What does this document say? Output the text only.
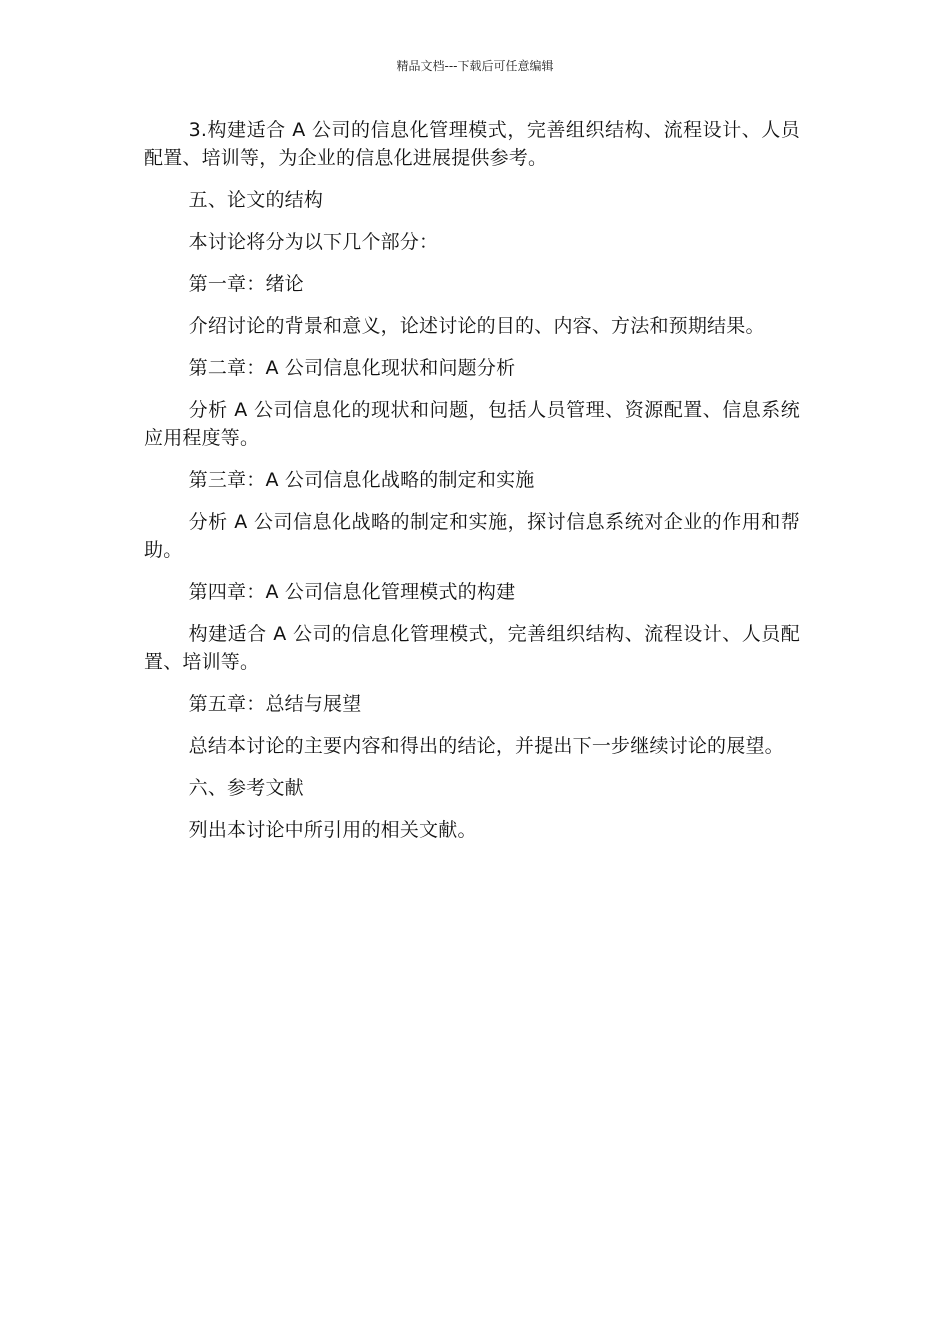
精品文档---下载后可任意编辑

3.构建适合 A 公司的信息化管理模式，完善组织结构、流程设计、人员配置、培训等，为企业的信息化进展提供参考。

五、论文的结构

本讨论将分为以下几个部分：

第一章：绪论

介绍讨论的背景和意义，论述讨论的目的、内容、方法和预期结果。

第二章：A 公司信息化现状和问题分析

分析 A 公司信息化的现状和问题，包括人员管理、资源配置、信息系统应用程度等。

第三章：A 公司信息化战略的制定和实施

分析 A 公司信息化战略的制定和实施，探讨信息系统对企业的作用和帮助。

第四章：A 公司信息化管理模式的构建

构建适合 A 公司的信息化管理模式，完善组织结构、流程设计、人员配置、培训等。

第五章：总结与展望

总结本讨论的主要内容和得出的结论，并提出下一步继续讨论的展望。

六、参考文献

列出本讨论中所引用的相关文献。
